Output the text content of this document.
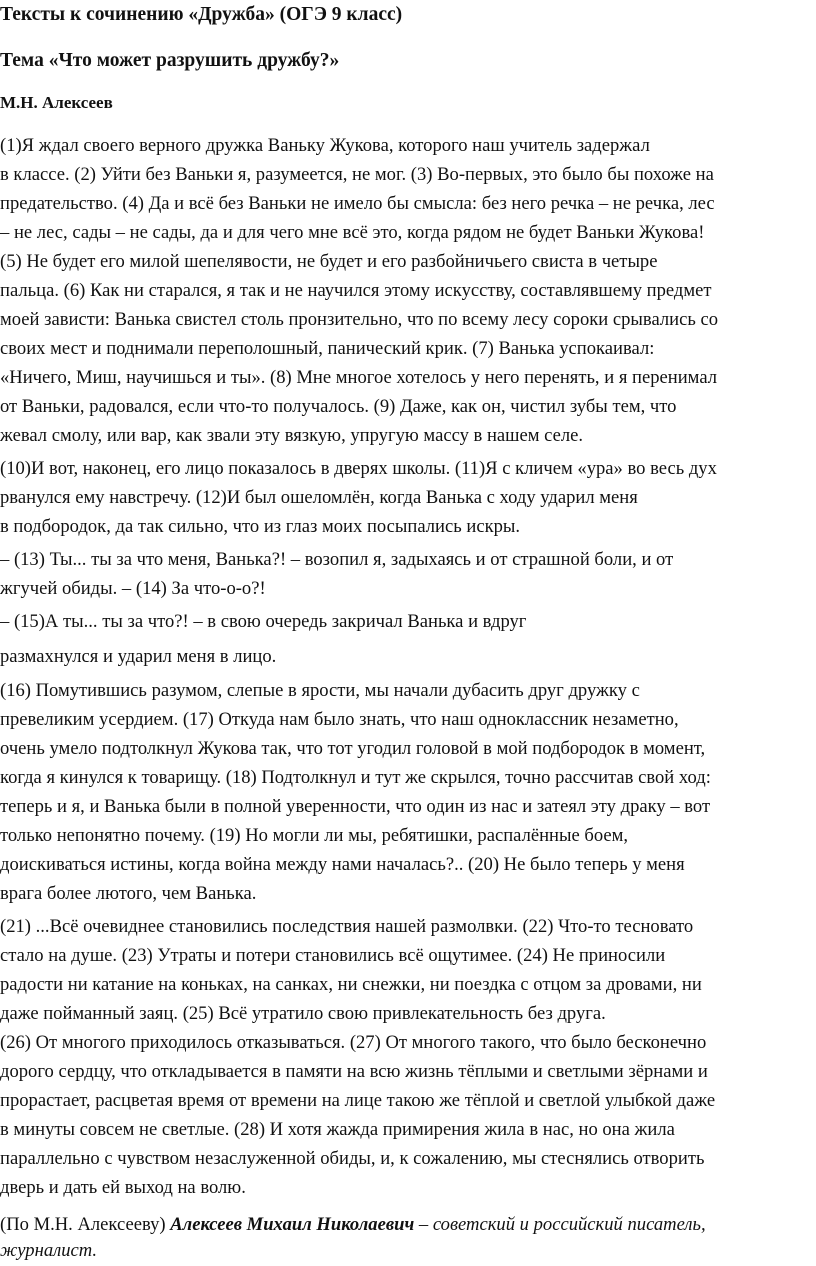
Тексты к сочинению «Дружба» (ОГЭ 9 класс)
Тема «Что может разрушить дружбу?»
М.Н. Алексеев
(1)Я ждал своего верного дружка Ваньку Жукова, которого наш учитель задержал
в классе. (2) Уйти без Ваньки я, разумеется, не мог. (3) Во-первых, это было бы похоже на
предательство. (4) Да и всё без Ваньки не имело бы смысла: без него речка – не речка, лес
– не лес, сады – не сады, да и для чего мне всё это, когда рядом не будет Ваньки Жукова!
(5) Не будет его милой шепелявости, не будет и его разбойничьего свиста в четыре
пальца. (6) Как ни старался, я так и не научился этому искусству, составлявшему предмет
моей зависти: Ванька свистел столь пронзительно, что по всему лесу сороки срывались со
своих мест и поднимали переполошный, панический крик. (7) Ванька успокаивал:
«Ничего, Миш, научишься и ты». (8) Мне многое хотелось у него перенять, и я перенимал
от Ваньки, радовался, если что-то получалось. (9) Даже, как он, чистил зубы тем, что
жевал смолу, или вар, как звали эту вязкую, упругую массу в нашем селе.
(10)И вот, наконец, его лицо показалось в дверях школы. (11)Я с кличем «ура» во весь дух
рванулся ему навстречу. (12)И был ошеломлён, когда Ванька с ходу ударил меня
в подбородок, да так сильно, что из глаз моих посыпались искры.
– (13) Ты... ты за что меня, Ванька?! – возопил я, задыхаясь и от страшной боли, и от
жгучей обиды. – (14) За что-о-о?!
– (15)А ты... ты за что?! – в свою очередь закричал Ванька и вдруг
размахнулся и ударил меня в лицо.
(16) Помутившись разумом, слепые в ярости, мы начали дубасить друг дружку с
превеликим усердием. (17) Откуда нам было знать, что наш одноклассник незаметно,
очень умело подтолкнул Жукова так, что тот угодил головой в мой подбородок в момент,
когда я кинулся к товарищу. (18) Подтолкнул и тут же скрылся, точно рассчитав свой ход:
теперь и я, и Ванька были в полной уверенности, что один из нас и затеял эту драку – вот
только непонятно почему. (19) Но могли ли мы, ребятишки, распалённые боем,
доискиваться истины, когда война между нами началась?.. (20) Не было теперь у меня
врага более лютого, чем Ванька.
(21) ...Всё очевиднее становились последствия нашей размолвки. (22) Что-то тесновато
стало на душе. (23) Утраты и потери становились всё ощутимее. (24) Не приносили
радости ни катание на коньках, на санках, ни снежки, ни поездка с отцом за дровами, ни
даже пойманный заяц. (25) Всё утратило свою привлекательность без друга.
(26) От многого приходилось отказываться. (27) От многого такого, что было бесконечно
дорого сердцу, что откладывается в памяти на всю жизнь тёплыми и светлыми зёрнами и
прорастает, расцветая время от времени на лице такою же тёплой и светлой улыбкой даже
в минуты совсем не светлые. (28) И хотя жажда примирения жила в нас, но она жила
параллельно с чувством незаслуженной обиды, и, к сожалению, мы стеснялись отворить
дверь и дать ей выход на волю.
(По М.Н. Алексееву) Алексеев Михаил Николаевич – советский и российский писатель,
журналист.
